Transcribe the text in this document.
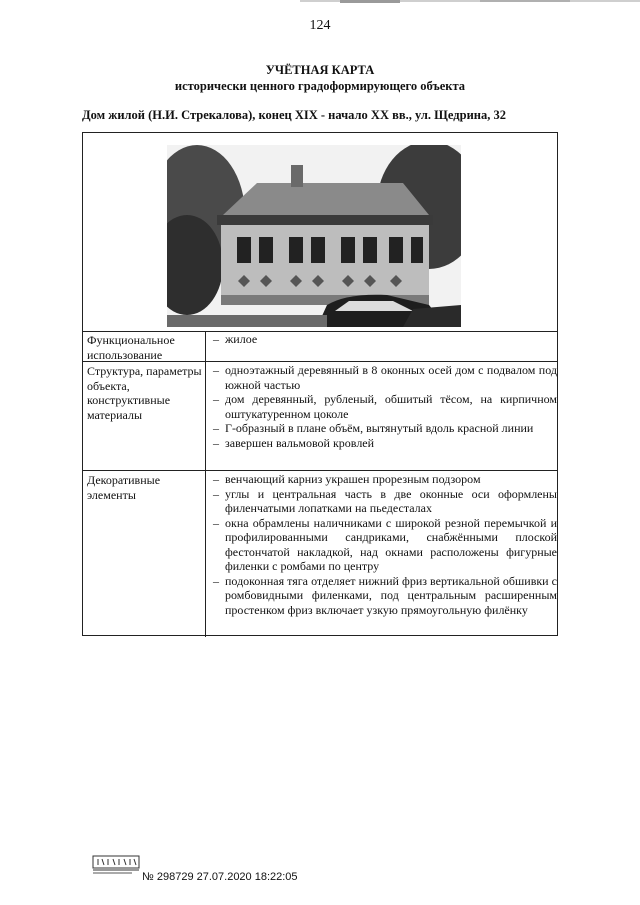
124
УЧЁТНАЯ КАРТА
исторически ценного градоформирующего объекта
Дом жилой (Н.И. Стрекалова), конец XIX - начало XX вв., ул. Щедрина, 32
Функциональное использование
– жилое
Структура, параметры объекта, конструктивные материалы
– одноэтажный деревянный в 8 оконных осей дом с подвалом под южной частью
– дом деревянный, рубленый, обшитый тёсом, на кирпичном оштукатуренном цоколе
– Г-образный в плане объём, вытянутый вдоль красной линии
– завершен вальмовой кровлей
Декоративные элементы
– венчающий карниз украшен прорезным подзором
– углы и центральная часть в две оконные оси оформлены филенчатыми лопатками на пьедесталах
– окна обрамлены наличниками с широкой резной перемычкой и профилированными сандриками, снабжёнными плоской фестончатой накладкой, над окнами расположены фигурные филенки с ромбами по центру
– подоконная тяга отделяет нижний фриз вертикальной обшивки с ромбовидными филенками, под центральным расширенным простенком фриз включает узкую прямоугольную филёнку
№ 298729 27.07.2020 18:22:05
